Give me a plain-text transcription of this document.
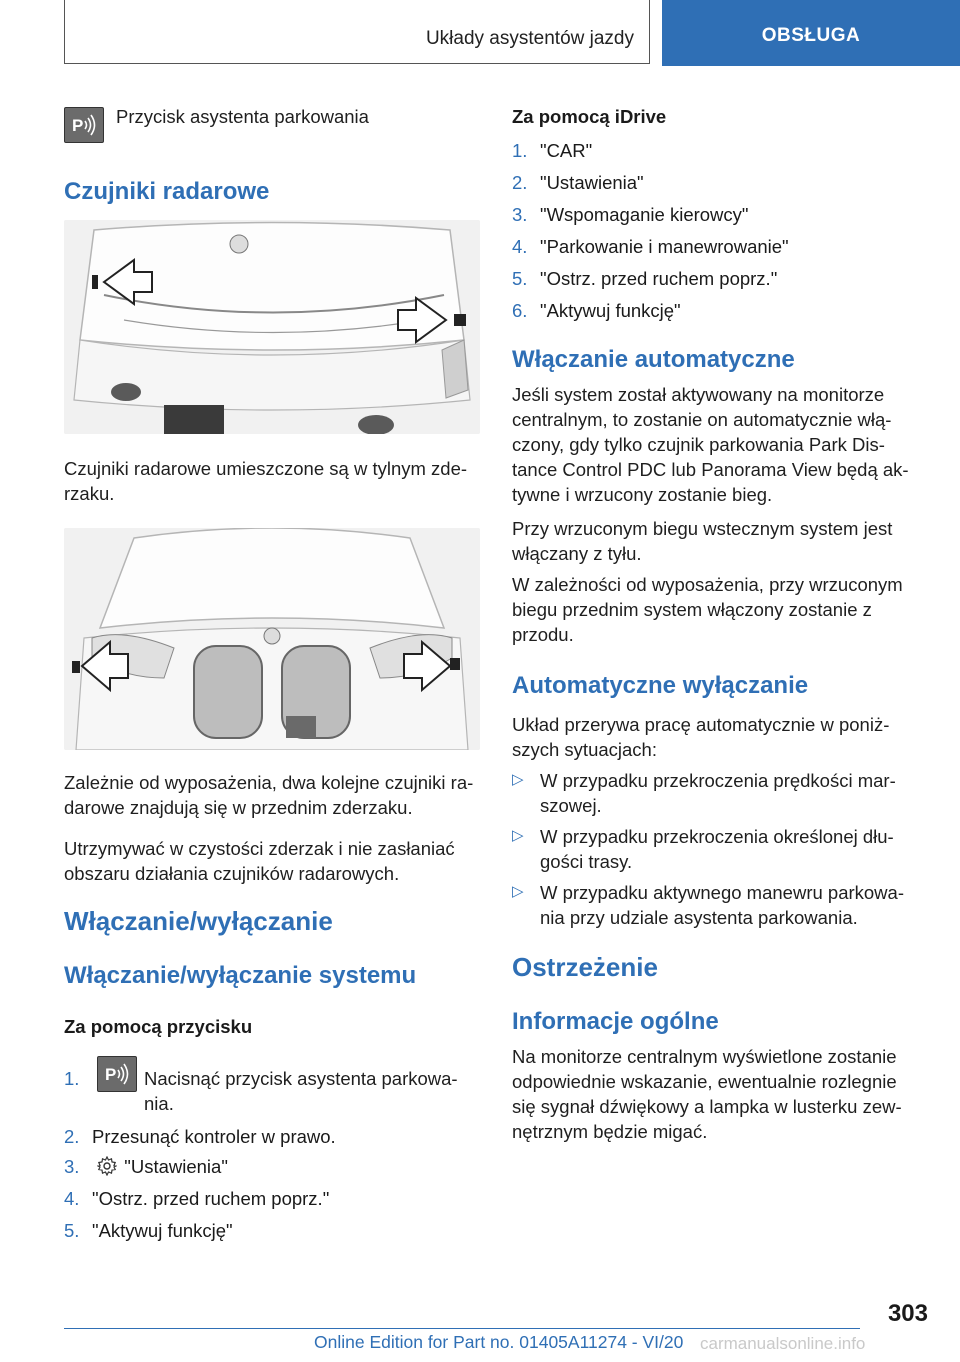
Układy asystentów jazdy	OBSŁUGA
P Przycisk asystenta parkowania

Czujniki radarowe

Czujniki radarowe umieszczone są w tylnym zde- rzaku.

Zależnie od wyposażenia, dwa kolejne czujniki ra- darowe znajdują się w przednim zderzaku.

Utrzymywać w czystości zderzak i nie zasłaniać obszaru działania czujników radarowych.

Włączanie/wyłączanie

Włączanie/wyłączanie systemu

Za pomocą przycisku

1. P Nacisnąć przycisk asystenta parkowa- nia.

2. Przesunąć kontroler w prawo.
3. "Ustawienia"
4. "Ostrz. przed ruchem poprz."
5. "Aktywuj funkcję"

Za pomocą iDrive

1. "CAR"
2. "Ustawienia"
3. "Wspomaganie kierowcy"
4. "Parkowanie i manewrowanie"
5. "Ostrz. przed ruchem poprz."
6. "Aktywuj funkcję"

Włączanie automatyczne

Jeśli system został aktywowany na monitorze centralnym, to zostanie on automatycznie włą- czony, gdy tylko czujnik parkowania Park Dis- tance Control PDC lub Panorama View będą ak- tywne i wrzucony zostanie bieg.

Przy wrzuconym biegu wstecznym system jest włączany z tyłu.

W zależności od wyposażenia, przy wrzuconym biegu przednim system włączony zostanie z przodu.

Automatyczne wyłączanie

Układ przerywa pracę automatycznie w poniż- szych sytuacjach:

▷ W przypadku przekroczenia prędkości mar- szowej.

▷ W przypadku przekroczenia określonej dłu- gości trasy.

▷ W przypadku aktywnego manewru parkowa- nia przy udziale asystenta parkowania.

Ostrzeżenie

Informacje ogólne

Na monitorze centralnym wyświetlone zostanie odpowiednie wskazanie, ewentualnie rozlegnie się sygnał dźwiękowy a lampka w lusterku zew- nętrznym będzie migać.

303
Online Edition for Part no. 01405A11274 - VI/20 carmanualsonline.info
